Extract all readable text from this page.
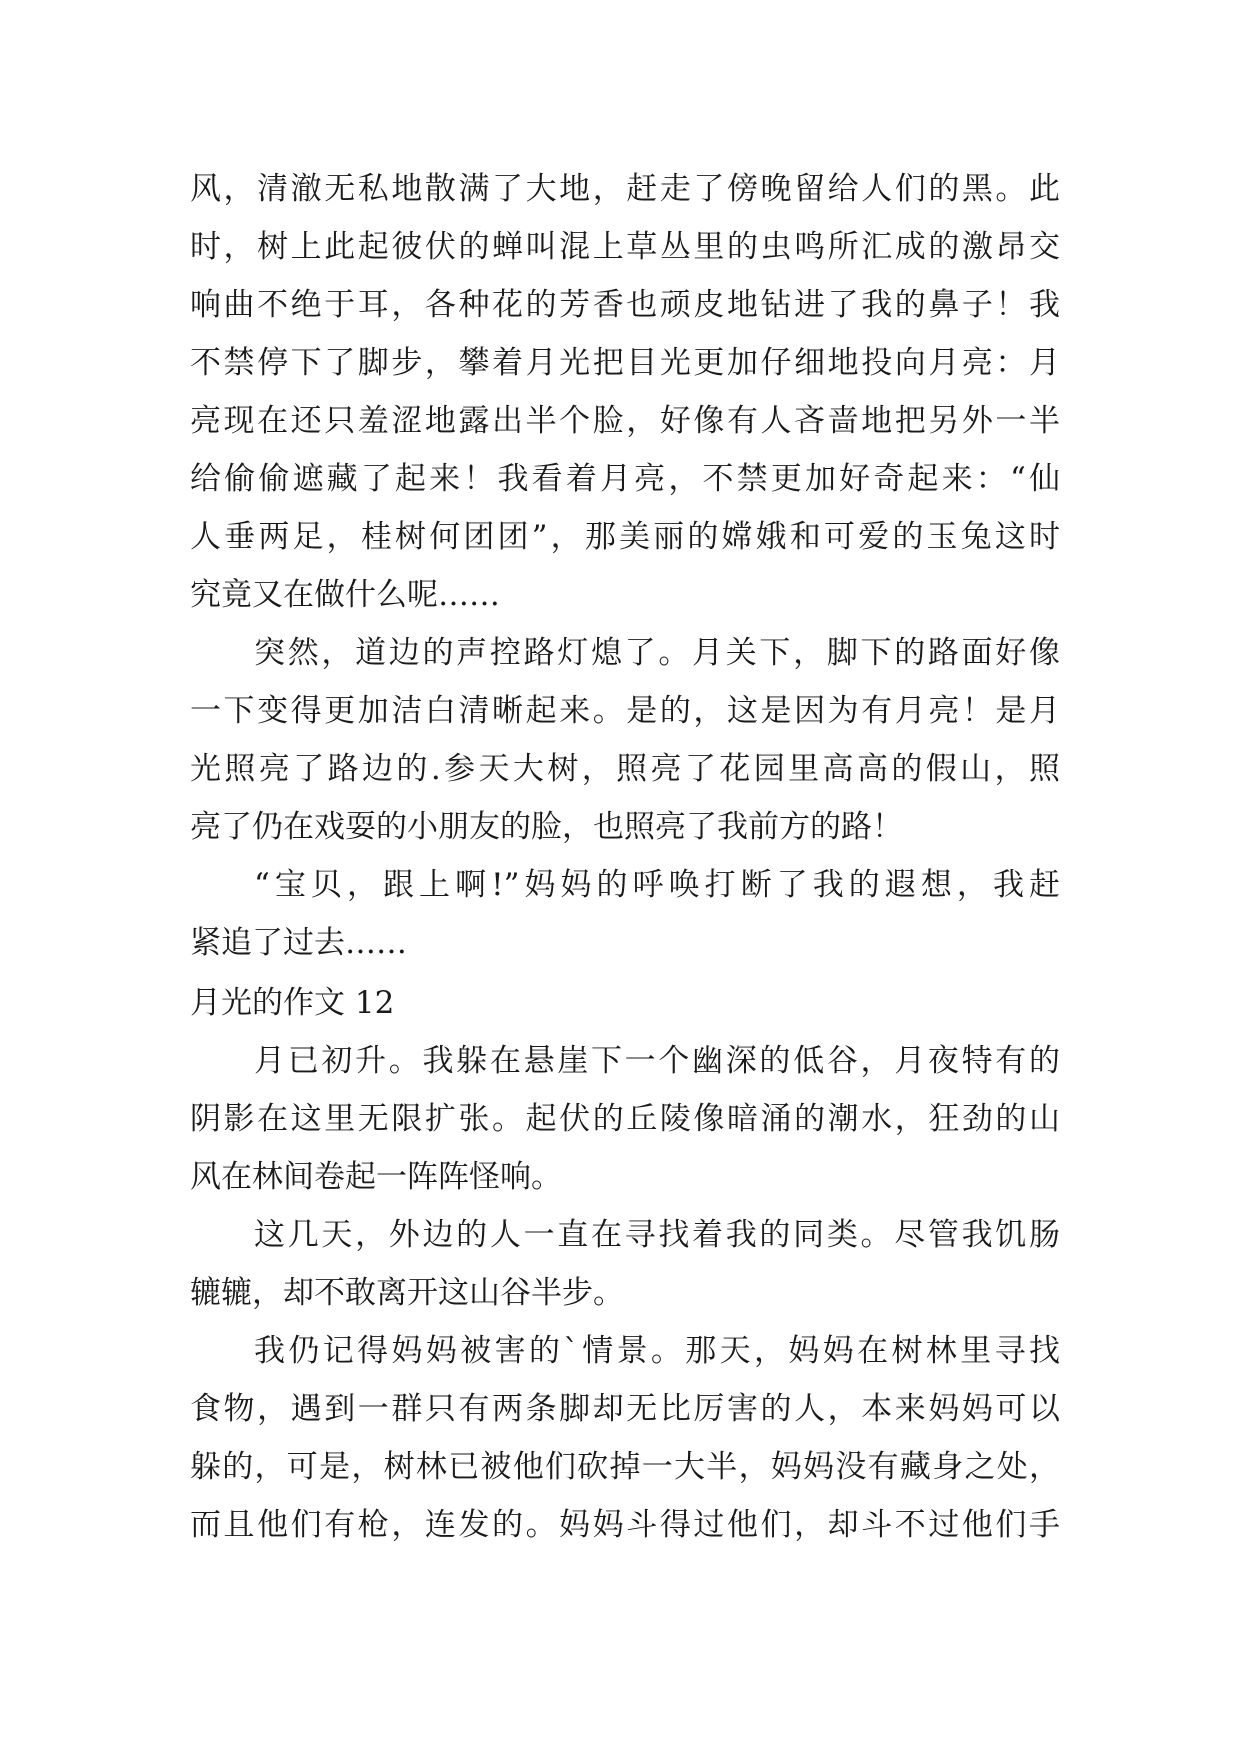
风，清澈无私地散满了大地，赶走了傍晚留给人们的黑。此
时，树上此起彼伏的蝉叫混上草丛里的虫鸣所汇成的激昂交
响曲不绝于耳，各种花的芳香也顽皮地钻进了我的鼻子！我
不禁停下了脚步，攀着月光把目光更加仔细地投向月亮：月
亮现在还只羞涩地露出半个脸，好像有人吝啬地把另外一半
给偷偷遮藏了起来！我看着月亮，不禁更加好奇起来：“仙
人垂两足，桂树何团团”，那美丽的嫦娥和可爱的玉兔这时
究竟又在做什么呢……
突然，道边的声控路灯熄了。月关下，脚下的路面好像
一下变得更加洁白清晰起来。是的，这是因为有月亮！是月
光照亮了路边的.参天大树，照亮了花园里高高的假山，照
亮了仍在戏耍的小朋友的脸，也照亮了我前方的路！
“宝贝，跟上啊!”妈妈的呼唤打断了我的遐想，我赶
紧追了过去……
月光的作文 12
月已初升。我躲在悬崖下一个幽深的低谷，月夜特有的
阴影在这里无限扩张。起伏的丘陵像暗涌的潮水，狂劲的山
风在林间卷起一阵阵怪响。
这几天，外边的人一直在寻找着我的同类。尽管我饥肠
辘辘，却不敢离开这山谷半步。
我仍记得妈妈被害的`情景。那天，妈妈在树林里寻找
食物，遇到一群只有两条脚却无比厉害的人，本来妈妈可以
躲的，可是，树林已被他们砍掉一大半，妈妈没有藏身之处，
而且他们有枪，连发的。妈妈斗得过他们，却斗不过他们手
